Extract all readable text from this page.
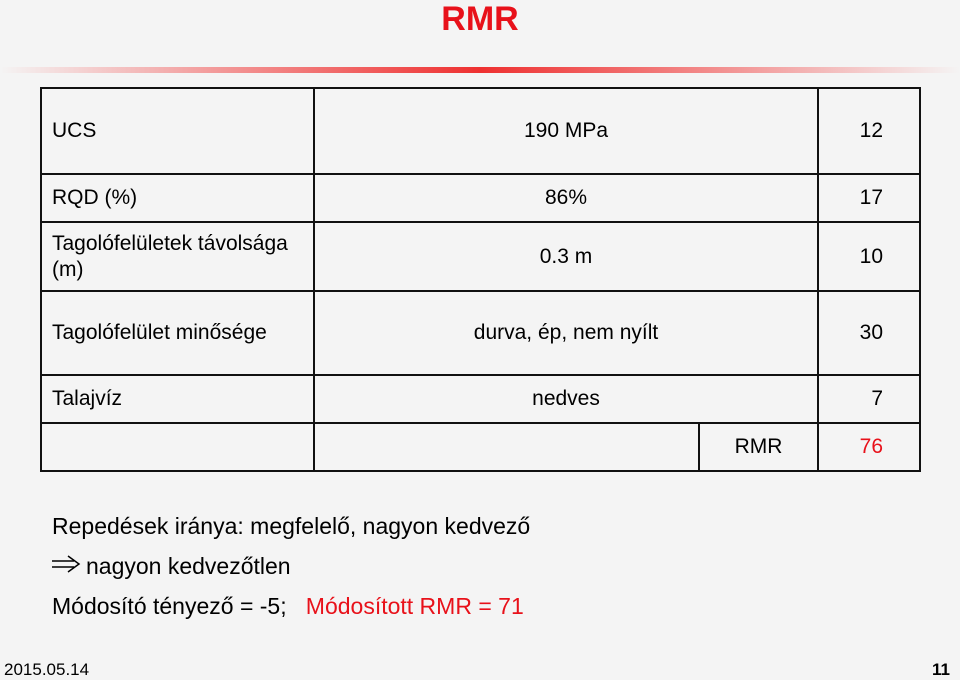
RMR
UCS	190 MPa		12
RQD (%)	86%		17
Tagolófelületek távolsága (m)	0.3 m		10
Tagolófelület minősége	durva, ép, nem nyílt		30
Talajvíz	nedves		7
		RMR	76
Repedések iránya: megfelelő, nagyon kedvező
nagyon kedvezőtlen
Módosító tényező = -5; Módosított RMR = 71
2015.05.14	11
